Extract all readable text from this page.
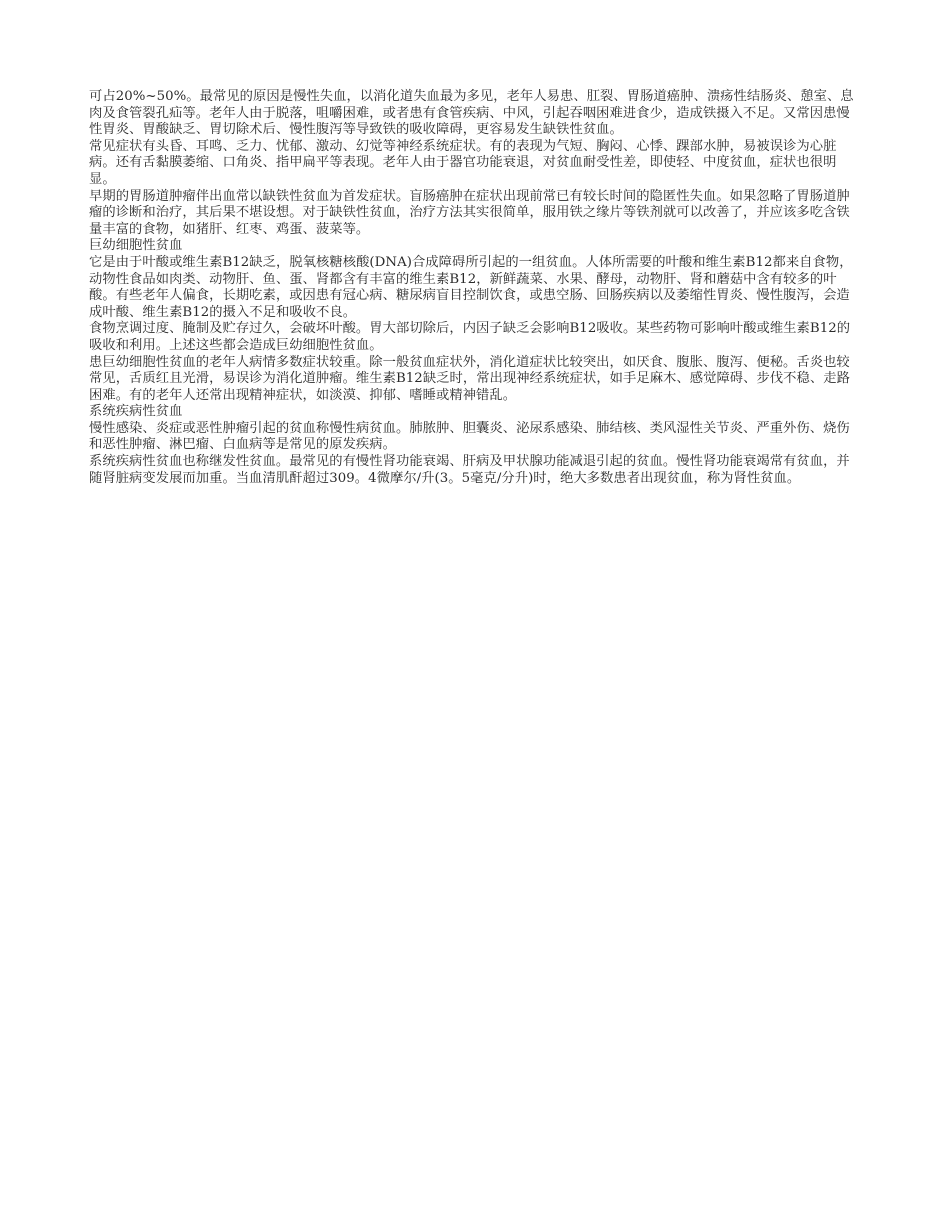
可占20%~50%。最常见的原因是慢性失血，以消化道失血最为多见，老年人易患、肛裂、胃肠道癌肿、溃疡性结肠炎、憩室、息肉及食管裂孔疝等。老年人由于脱落，咀嚼困难，或者患有食管疾病、中风，引起吞咽困难进食少，造成铁摄入不足。又常因患慢性胃炎、胃酸缺乏、胃切除术后、慢性腹泻等导致铁的吸收障碍，更容易发生缺铁性贫血。

常见症状有头昏、耳鸣、乏力、忧郁、激动、幻觉等神经系统症状。有的表现为气短、胸闷、心悸、踝部水肿，易被误诊为心脏病。还有舌黏膜萎缩、口角炎、指甲扁平等表现。老年人由于器官功能衰退，对贫血耐受性差，即使轻、中度贫血，症状也很明显。

早期的胃肠道肿瘤伴出血常以缺铁性贫血为首发症状。盲肠癌肿在症状出现前常已有较长时间的隐匿性失血。如果忽略了胃肠道肿瘤的诊断和治疗，其后果不堪设想。对于缺铁性贫血，治疗方法其实很简单，服用铁之缘片等铁剂就可以改善了，并应该多吃含铁量丰富的食物，如猪肝、红枣、鸡蛋、菠菜等。

巨幼细胞性贫血

它是由于叶酸或维生素B12缺乏，脱氧核糖核酸(DNA)合成障碍所引起的一组贫血。人体所需要的叶酸和维生素B12都来自食物，动物性食品如肉类、动物肝、鱼、蛋、肾都含有丰富的维生素B12，新鲜蔬菜、水果、酵母，动物肝、肾和蘑菇中含有较多的叶酸。有些老年人偏食，长期吃素，或因患有冠心病、糖尿病盲目控制饮食，或患空肠、回肠疾病以及萎缩性胃炎、慢性腹泻，会造成叶酸、维生素B12的摄入不足和吸收不良。

食物烹调过度、腌制及贮存过久，会破坏叶酸。胃大部切除后，内因子缺乏会影响B12吸收。某些药物可影响叶酸或维生素B12的吸收和利用。上述这些都会造成巨幼细胞性贫血。

患巨幼细胞性贫血的老年人病情多数症状较重。除一般贫血症状外，消化道症状比较突出，如厌食、腹胀、腹泻、便秘。舌炎也较常见，舌质红且光滑，易误诊为消化道肿瘤。维生素B12缺乏时，常出现神经系统症状，如手足麻木、感觉障碍、步伐不稳、走路困难。有的老年人还常出现精神症状，如淡漠、抑郁、嗜睡或精神错乱。

系统疾病性贫血

慢性感染、炎症或恶性肿瘤引起的贫血称慢性病贫血。肺脓肿、胆囊炎、泌尿系感染、肺结核、类风湿性关节炎、严重外伤、烧伤和恶性肿瘤、淋巴瘤、白血病等是常见的原发疾病。

系统疾病性贫血也称继发性贫血。最常见的有慢性肾功能衰竭、肝病及甲状腺功能减退引起的贫血。慢性肾功能衰竭常有贫血，并随肾脏病变发展而加重。当血清肌酐超过309。4微摩尔/升(3。5毫克/分升)时，绝大多数患者出现贫血，称为肾性贫血。
